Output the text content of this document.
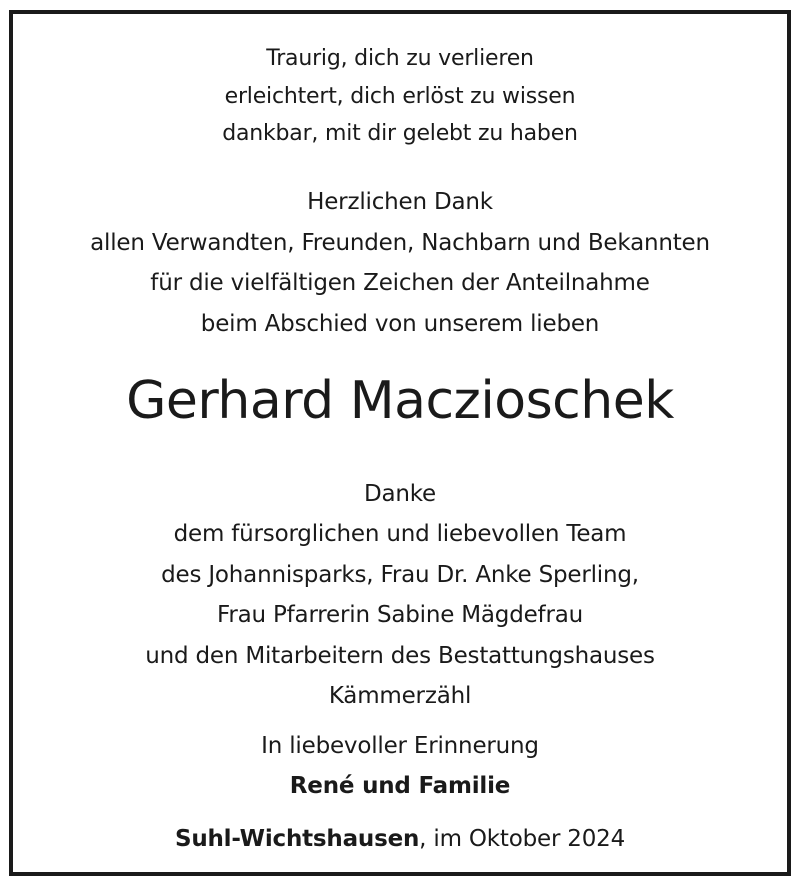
Traurig, dich zu verlieren
erleichtert, dich erlöst zu wissen
dankbar, mit dir gelebt zu haben
Herzlichen Dank
allen Verwandten, Freunden, Nachbarn und Bekannten
für die vielfältigen Zeichen der Anteilnahme
beim Abschied von unserem lieben
Gerhard Maczioschek
Danke
dem fürsorglichen und liebevollen Team
des Johannisparks, Frau Dr. Anke Sperling,
Frau Pfarrerin Sabine Mägdefrau
und den Mitarbeitern des Bestattungshauses
Kämmerzähl
In liebevoller Erinnerung
René und Familie
Suhl-Wichtshausen, im Oktober 2024
